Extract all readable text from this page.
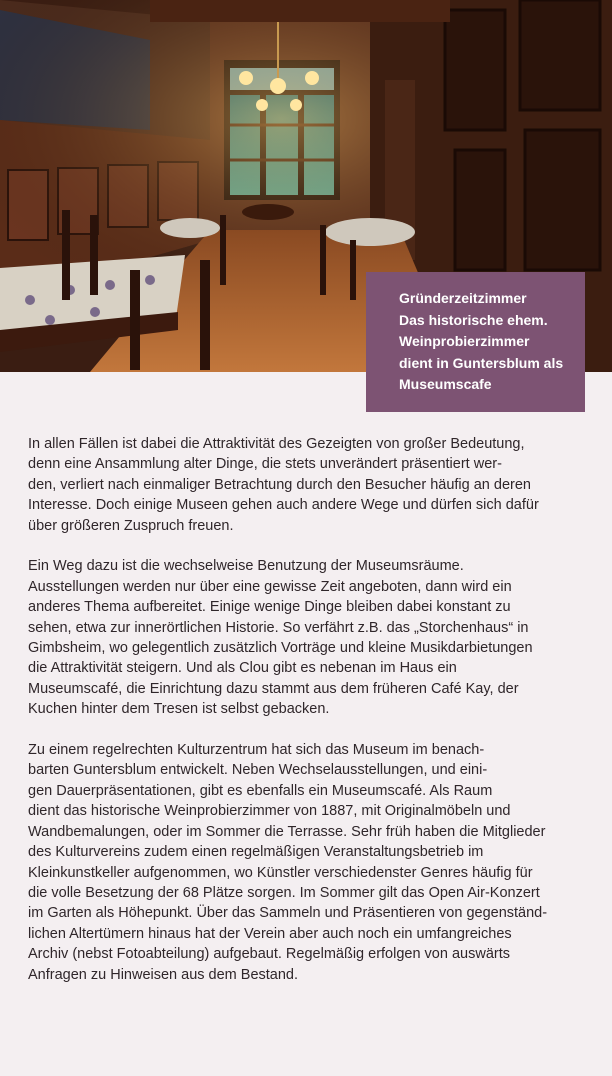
Gründerzeitzimmer
Das historische ehem.
Weinprobierzimmer
dient in Guntersblum als
Museumscafe

In allen Fällen ist dabei die Attraktivität des Gezeigten von großer Bedeutung,
denn eine Ansammlung alter Dinge, die stets unverändert präsentiert wer-
den, verliert nach einmaliger Betrachtung durch den Besucher häufig an deren
Interesse. Doch einige Museen gehen auch andere Wege und dürfen sich dafür
über größeren Zuspruch freuen.

Ein Weg dazu ist die wechselweise Benutzung der Museumsräume.
Ausstellungen werden nur über eine gewisse Zeit angeboten, dann wird ein
anderes Thema aufbereitet. Einige wenige Dinge bleiben dabei konstant zu
sehen, etwa zur innerörtlichen Historie. So verfährt z.B. das „Storchenhaus“ in
Gimbsheim, wo gelegentlich zusätzlich Vorträge und kleine Musikdarbietungen
die Attraktivität steigern. Und als Clou gibt es nebenan im Haus ein
Museumscafé, die Einrichtung dazu stammt aus dem früheren Café Kay, der
Kuchen hinter dem Tresen ist selbst gebacken.

Zu einem regelrechten Kulturzentrum hat sich das Museum im benach-
barten Guntersblum entwickelt. Neben Wechselausstellungen, und eini-
gen Dauerpräsentationen, gibt es ebenfalls ein Museumscafé. Als Raum
dient das historische Weinprobierzimmer von 1887, mit Originalmöbeln und
Wandbemalungen, oder im Sommer die Terrasse. Sehr früh haben die Mitglieder
des Kulturvereins zudem einen regelmäßigen Veranstaltungsbetrieb im
Kleinkunstkeller aufgenommen, wo Künstler verschiedenster Genres häufig für
die volle Besetzung der 68 Plätze sorgen. Im Sommer gilt das Open Air-Konzert
im Garten als Höhepunkt. Über das Sammeln und Präsentieren von gegenständ-
lichen Altertümern hinaus hat der Verein aber auch noch ein umfangreiches
Archiv (nebst Fotoabteilung) aufgebaut. Regelmäßig erfolgen von auswärts
Anfragen zu Hinweisen aus dem Bestand.
